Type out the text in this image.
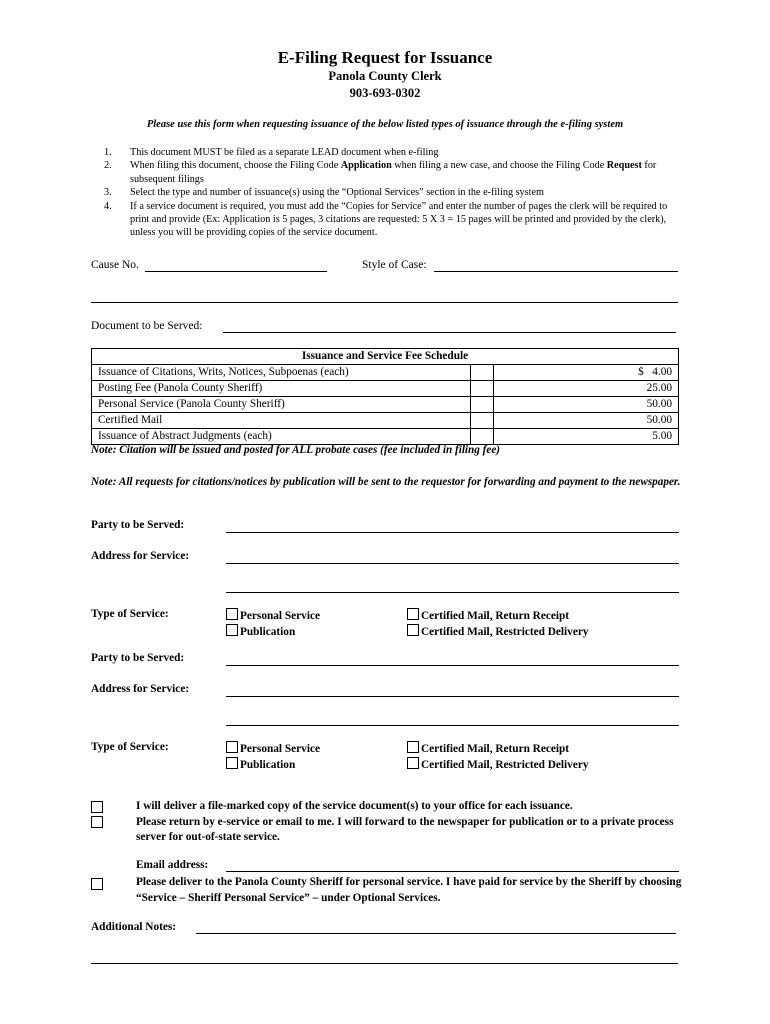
E-Filing Request for Issuance
Panola County Clerk
903-693-0302
Please use this form when requesting issuance of the below listed types of issuance through the e-filing system
1. This document MUST be filed as a separate LEAD document when e-filing
2. When filing this document, choose the Filing Code Application when filing a new case, and choose the Filing Code Request for subsequent filings
3. Select the type and number of issuance(s) using the “Optional Services” section in the e-filing system
4. If a service document is required, you must add the “Copies for Service” and enter the number of pages the clerk will be required to print and provide (Ex: Application is 5 pages, 3 citations are requested: 5 X 3 = 15 pages will be printed and provided by the clerk), unless you will be providing copies of the service document.
Cause No.	Style of Case:
Document to be Served:
Issuance and Service Fee Schedule		
Issuance of Citations, Writs, Notices, Subpoenas (each)		$   4.00
Posting Fee (Panola County Sheriff)		25.00
Personal Service (Panola County Sheriff)		50.00
Certified Mail		50.00
Issuance of Abstract Judgments (each)		5.00
Note: Citation will be issued and posted for ALL probate cases (fee included in filing fee)
Note: All requests for citations/notices by publication will be sent to the requestor for forwarding and payment to the newspaper.
Party to be Served:
Address for Service:
Type of Service:	Personal Service
Publication
Certified Mail, Return Receipt
Certified Mail, Restricted Delivery
Party to be Served:
Address for Service:
Type of Service:	Personal Service
Publication
Certified Mail, Return Receipt
Certified Mail, Restricted Delivery
I will deliver a file-marked copy of the service document(s) to your office for each issuance.
Please return by e-service or email to me. I will forward to the newspaper for publication or to a private process server for out-of-state service.
Email address:
Please deliver to the Panola County Sheriff for personal service. I have paid for service by the Sheriff by choosing “Service – Sheriff Personal Service” – under Optional Services.
Additional Notes:
